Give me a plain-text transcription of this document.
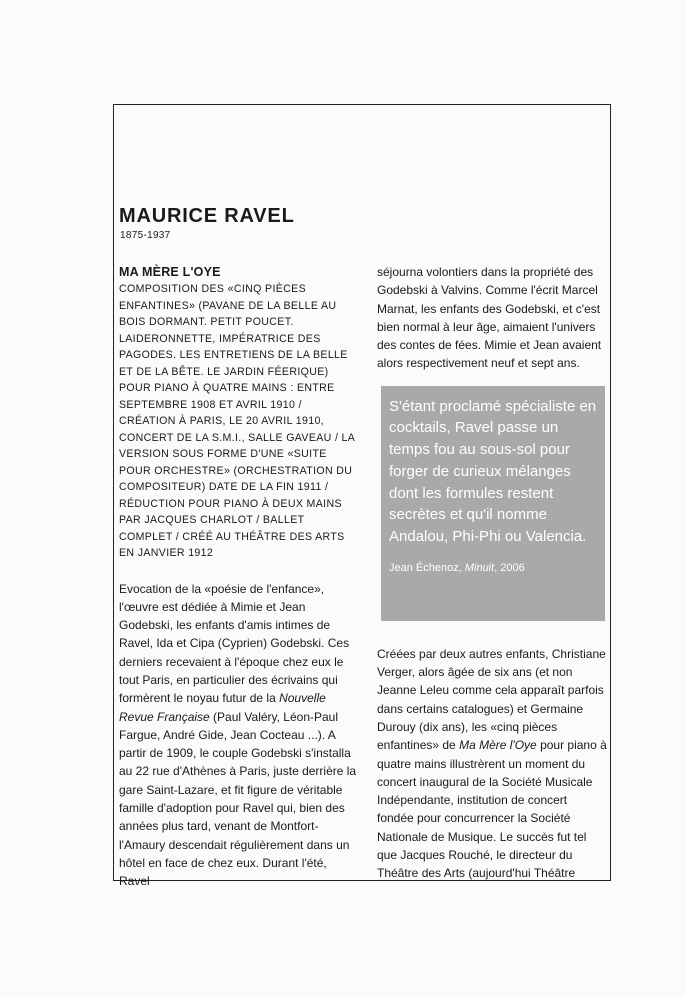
MAURICE RAVEL
1875-1937
MA MÈRE L'OYE

COMPOSITION DES «CINQ PIÈCES ENFANTINES» (PAVANE DE LA BELLE AU BOIS DORMANT. PETIT POUCET. LAIDERONNETTE, IMPÉRATRICE DES PAGODES. LES ENTRETIENS DE LA BELLE ET DE LA BÊTE. LE JARDIN FÉERIQUE) POUR PIANO À QUATRE MAINS : ENTRE SEPTEMBRE 1908 ET AVRIL 1910 / CRÉATION À PARIS, LE 20 AVRIL 1910, CONCERT DE LA S.M.I., SALLE GAVEAU / LA VERSION SOUS FORME D'UNE «SUITE POUR ORCHESTRE» (ORCHESTRATION DU COMPOSITEUR) DATE DE LA FIN 1911 / RÉDUCTION POUR PIANO À DEUX MAINS PAR JACQUES CHARLOT / BALLET COMPLET / CRÉÉ AU THÉÂTRE DES ARTS EN JANVIER 1912

Evocation de la «poésie de l'enfance», l'œuvre est dédiée à Mimie et Jean Godebski, les enfants d'amis intimes de Ravel, Ida et Cipa (Cyprien) Godebski. Ces derniers recevaient à l'époque chez eux le tout Paris, en particulier des écrivains qui formèrent le noyau futur de la Nouvelle Revue Française (Paul Valéry, Léon-Paul Fargue, André Gide, Jean Cocteau ...). A partir de 1909, le couple Godebski s'installa au 22 rue d'Athènes à Paris, juste derrière la gare Saint-Lazare, et fit figure de véritable famille d'adoption pour Ravel qui, bien des années plus tard, venant de Montfort-l'Amaury descendait régulièrement dans un hôtel en face de chez eux. Durant l'été, Ravel

séjourna volontiers dans la propriété des Godebski à Valvins. Comme l'écrit Marcel Marnat, les enfants des Godebski, et c'est bien normal à leur âge, aimaient l'univers des contes de fées. Mimie et Jean avaient alors respectivement neuf et sept ans.

S'étant proclamé spécialiste en cocktails, Ravel passe un temps fou au sous-sol pour forger de curieux mélanges dont les formules restent secrètes et qu'il nomme Andalou, Phi-Phi ou Valencia.

Jean Échenoz, Minuit, 2006

Créées par deux autres enfants, Christiane Verger, alors âgée de six ans (et non Jeanne Leleu comme cela apparaît parfois dans certains catalogues) et Germaine Durouy (dix ans), les «cinq pièces enfantines» de Ma Mère l'Oye pour piano à quatre mains illustrèrent un moment du concert inaugural de la Société Musicale Indépendante, institution de concert fondée pour concurrencer la Société Nationale de Musique. Le succès fut tel que Jacques Rouché, le directeur du Théâtre des Arts (aujourd'hui Théâtre
